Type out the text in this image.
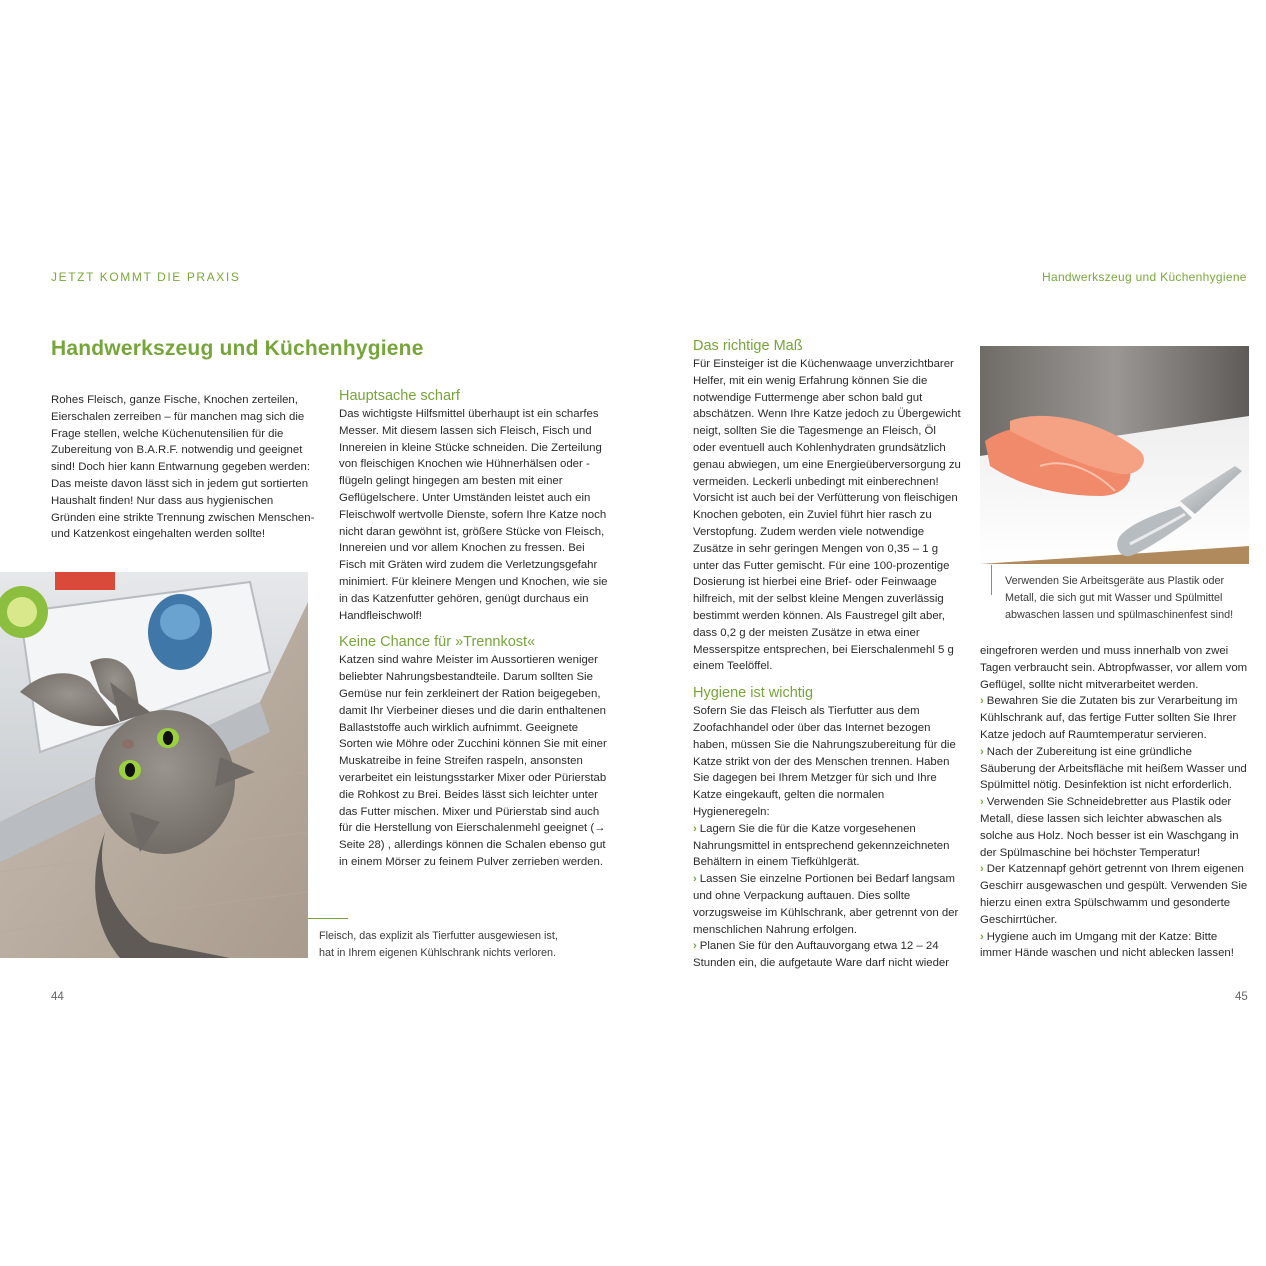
JETZT KOMMT DIE PRAXIS
Handwerkszeug und Küchenhygiene

Rohes Fleisch, ganze Fische, Knochen zerteilen, Eierschalen zerreiben – für manchen mag sich die Frage stellen, welche Küchenutensilien für die Zubereitung von B.A.R.F. notwendig und geeignet sind! Doch hier kann Entwarnung gegeben werden: Das meiste davon lässt sich in jedem gut sortierten Haushalt finden! Nur dass aus hygienischen Gründen eine strikte Trennung zwischen Menschen- und Katzenkost eingehalten werden sollte!

Hauptsache scharf

Das wichtigste Hilfsmittel überhaupt ist ein scharfes Messer. Mit diesem lassen sich Fleisch, Fisch und Innereien in kleine Stücke schneiden. Die Zerteilung von fleischigen Knochen wie Hühnerhälsen oder -flügeln gelingt hingegen am besten mit einer Geflügelschere. Unter Umständen leistet auch ein Fleischwolf wertvolle Dienste, sofern Ihre Katze noch nicht daran gewöhnt ist, größere Stücke von Fleisch, Innereien und vor allem Knochen zu fressen. Bei Fisch mit Gräten wird zudem die Verletzungsgefahr minimiert. Für kleinere Mengen und Knochen, wie sie in das Katzenfutter gehören, genügt durchaus ein Handfleischwolf!

Keine Chance für »Trennkost«

Katzen sind wahre Meister im Aussortieren weniger beliebter Nahrungsbestandteile. Darum sollten Sie Gemüse nur fein zerkleinert der Ration beigegeben, damit Ihr Vierbeiner dieses und die darin enthaltenen Ballaststoffe auch wirklich aufnimmt. Geeignete Sorten wie Möhre oder Zucchini können Sie mit einer Muskatreibe in feine Streifen raspeln, ansonsten verarbeitet ein leistungsstarker Mixer oder Pürierstab die Rohkost zu Brei. Beides lässt sich leichter unter das Futter mischen. Mixer und Pürierstab sind auch für die Herstellung von Eierschalenmehl geeignet (→ Seite 28) , allerdings können die Schalen ebenso gut in einem Mörser zu feinem Pulver zerrieben werden.

Fleisch, das explizit als Tierfutter ausgewiesen ist, hat in Ihrem eigenen Kühlschrank nichts verloren.
44
Handwerkszeug und Küchenhygiene
Das richtige Maß

Für Einsteiger ist die Küchenwaage unverzichtbarer Helfer, mit ein wenig Erfahrung können Sie die notwendige Futtermenge aber schon bald gut abschätzen. Wenn Ihre Katze jedoch zu Übergewicht neigt, sollten Sie die Tagesmenge an Fleisch, Öl oder eventuell auch Kohlenhydraten grundsätzlich genau abwiegen, um eine Energieüberversorgung zu vermeiden. Leckerli unbedingt mit einberechnen! Vorsicht ist auch bei der Verfütterung von fleischigen Knochen geboten, ein Zuviel führt hier rasch zu Verstopfung. Zudem werden viele notwendige Zusätze in sehr geringen Mengen von 0,35 – 1 g unter das Futter gemischt. Für eine 100-prozentige Dosierung ist hierbei eine Brief- oder Feinwaage hilfreich, mit der selbst kleine Mengen zuverlässig bestimmt werden können. Als Faustregel gilt aber, dass 0,2 g der meisten Zusätze in etwa einer Messerspitze entsprechen, bei Eierschalenmehl 5 g einem Teelöffel.

Hygiene ist wichtig

Sofern Sie das Fleisch als Tierfutter aus dem Zoofachhandel oder über das Internet bezogen haben, müssen Sie die Nahrungszubereitung für die Katze strikt von der des Menschen trennen. Haben Sie dagegen bei Ihrem Metzger für sich und Ihre Katze eingekauft, gelten die normalen Hygieneregeln:

› Lagern Sie die für die Katze vorgesehenen Nahrungsmittel in entsprechend gekennzeichneten Behältern in einem Tiefkühlgerät.
› Lassen Sie einzelne Portionen bei Bedarf langsam und ohne Verpackung auftauen. Dies sollte vorzugsweise im Kühlschrank, aber getrennt von der menschlichen Nahrung erfolgen.
› Planen Sie für den Auftauvorgang etwa 12 – 24 Stunden ein, die aufgetaute Ware darf nicht wieder
Verwenden Sie Arbeitsgeräte aus Plastik oder Metall, die sich gut mit Wasser und Spülmittel abwaschen lassen und spülmaschinenfest sind!

eingefroren werden und muss innerhalb von zwei Tagen verbraucht sein. Abtropfwasser, vor allem vom Geflügel, sollte nicht mitverarbeitet werden.

› Bewahren Sie die Zutaten bis zur Verarbeitung im Kühlschrank auf, das fertige Futter sollten Sie Ihrer Katze jedoch auf Raumtemperatur servieren.
› Nach der Zubereitung ist eine gründliche Säuberung der Arbeitsfläche mit heißem Wasser und Spülmittel nötig. Desinfektion ist nicht erforderlich.
› Verwenden Sie Schneidebretter aus Plastik oder Metall, diese lassen sich leichter abwaschen als solche aus Holz. Noch besser ist ein Waschgang in der Spülmaschine bei höchster Temperatur!
› Der Katzennapf gehört getrennt von Ihrem eigenen Geschirr ausgewaschen und gespült. Verwenden Sie hierzu einen extra Spülschwamm und gesonderte Geschirrtücher.
› Hygiene auch im Umgang mit der Katze: Bitte immer Hände waschen und nicht ablecken lassen!
45
